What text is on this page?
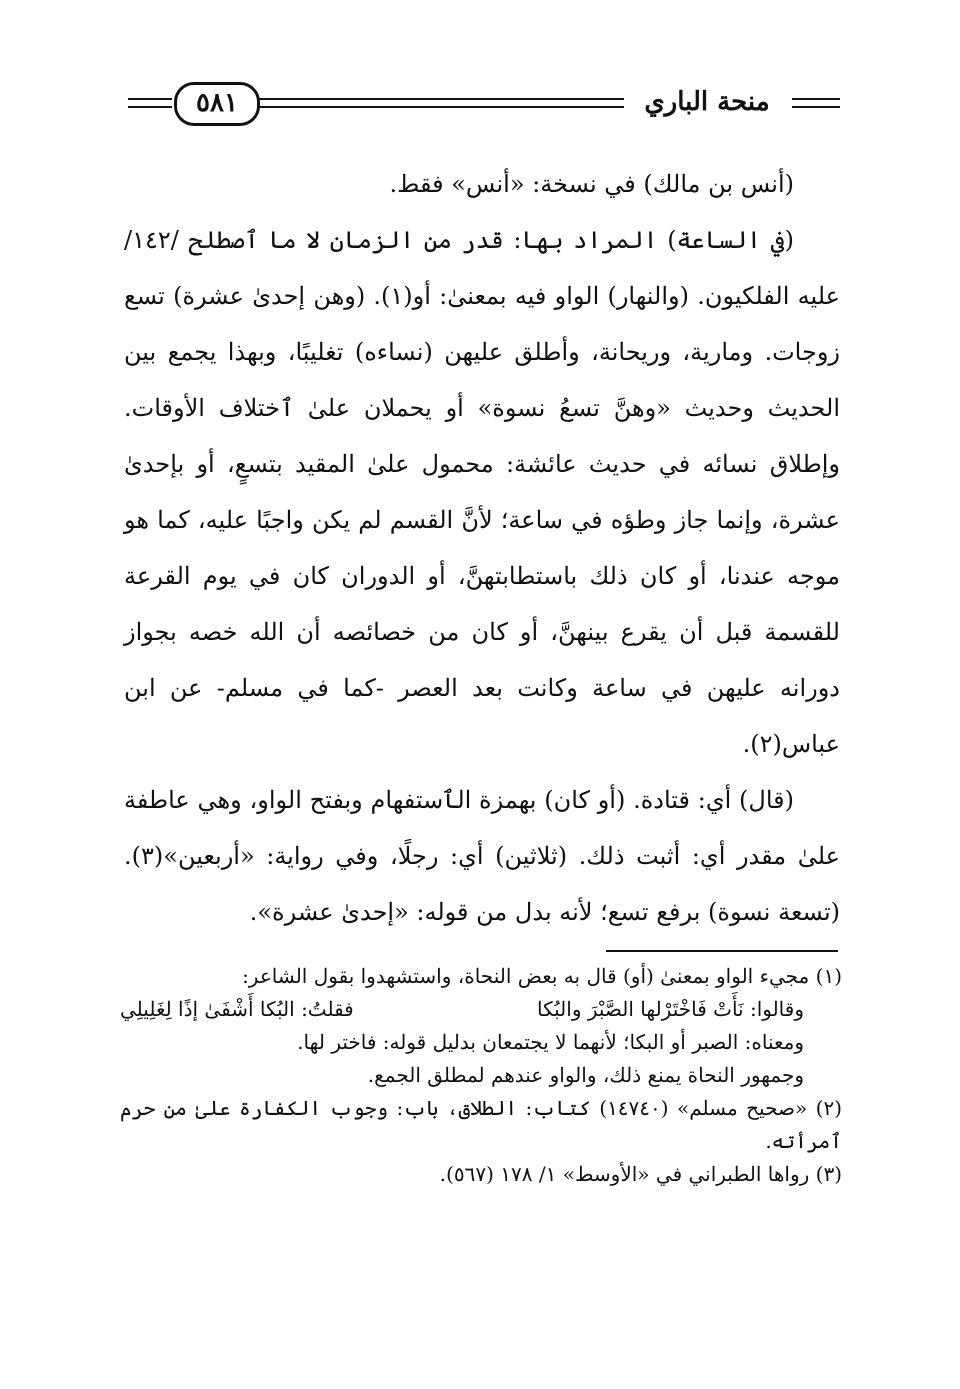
٥٨١	منحة الباري

(أنس بن مالك) في نسخة: «أنس» فقط.

(في الساعة) المراد بها: قدر من الزمان لا ما ٱصطلح /١٤٢/ عليه الفلكيون. (والنهار) الواو فيه بمعنىٰ: أو(١). (وهن إحدىٰ عشرة) تسع زوجات. ومارية، وريحانة، وأطلق عليهن (نساءه) تغليبًا، وبهذا يجمع بين الحديث وحديث «وهنَّ تسعُ نسوة» أو يحملان علىٰ ٱختلاف الأوقات. وإطلاق نسائه في حديث عائشة: محمول علىٰ المقيد بتسعٍ، أو بإحدىٰ عشرة، وإنما جاز وطؤه في ساعة؛ لأنَّ القسم لم يكن واجبًا عليه، كما هو موجه عندنا، أو كان ذلك باستطابتهنَّ، أو الدوران كان في يوم القرعة للقسمة قبل أن يقرع بينهنَّ، أو كان من خصائصه أن الله خصه بجواز دورانه عليهن في ساعة وكانت بعد العصر -كما في مسلم- عن ابن عباس(٢).

(قال) أي: قتادة. (أو كان) بهمزة الٱستفهام وبفتح الواو، وهي عاطفة علىٰ مقدر أي: أثبت ذلك. (ثلاثين) أي: رجلًا، وفي رواية: «أربعين»(٣). (تسعة نسوة) برفع تسع؛ لأنه بدل من قوله: «إحدىٰ عشرة».

(١) مجيء الواو بمعنىٰ (أو) قال به بعض النحاة، واستشهدوا بقول الشاعر:

وقالوا: نَأَتْ فَاخْتَرْلها الصَّبْرَ والبُكا
فقلتُ: البُكا أَشْفَىٰ إذًا لِغَلِيلِي

ومعناه: الصبر أو البكا؛ لأنهما لا يجتمعان بدليل قوله: فاختر لها.

وجمهور النحاة يمنع ذلك، والواو عندهم لمطلق الجمع.

(٢) «صحيح مسلم» (١٤٧٤٠) كتاب: الطلاق، باب: وجوب الكفارة علىٰ من حرم ٱمرأته.

(٣) رواها الطبراني في «الأوسط» ١/ ١٧٨ (٥٦٧).
